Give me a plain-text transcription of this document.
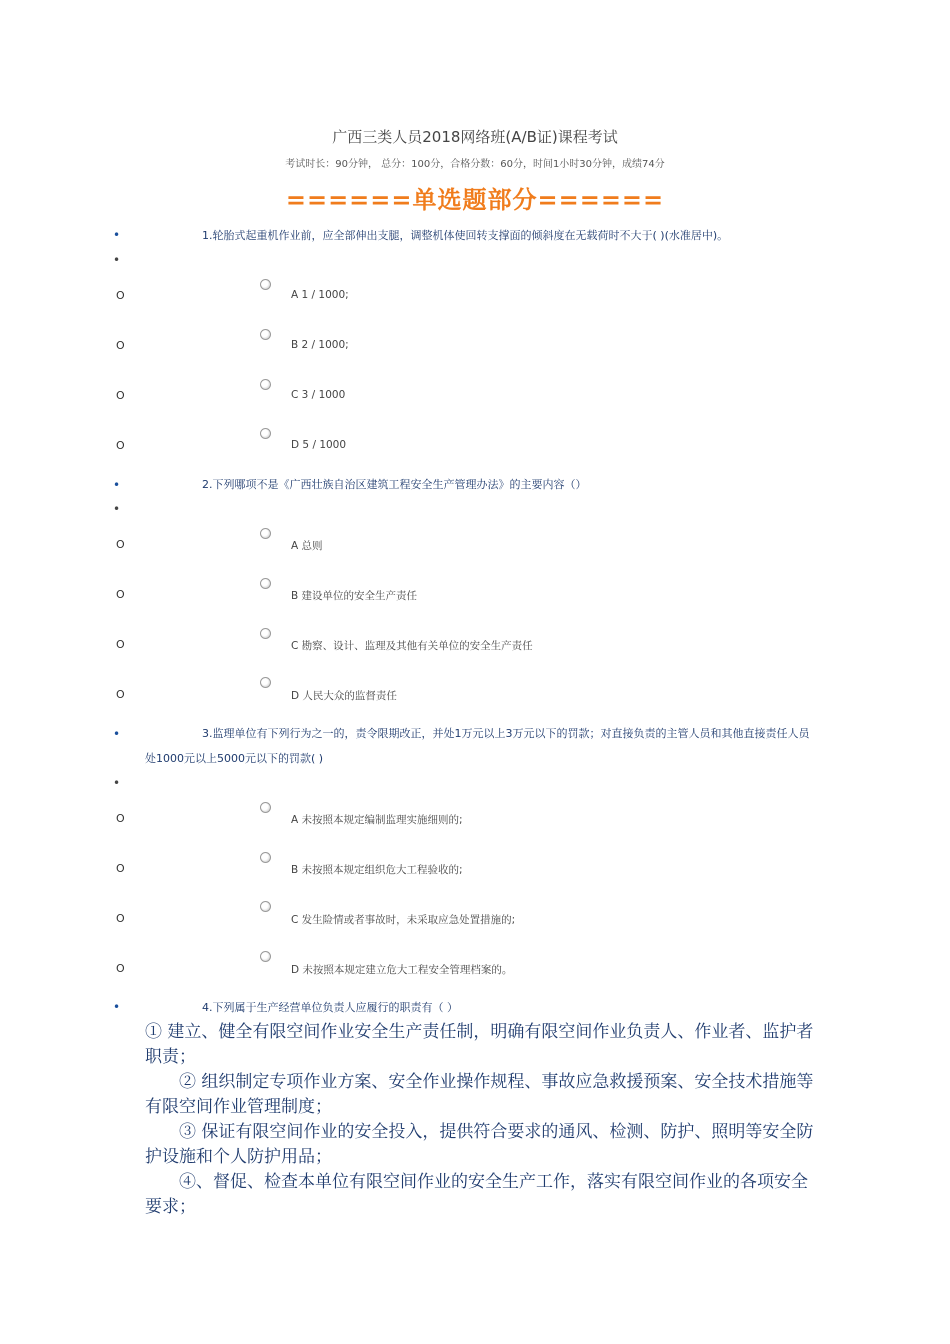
广西三类人员2018网络班(A/B证)课程考试
考试时长：90分钟， 总分：100分，合格分数：60分，时间1小时30分钟，成绩74分
======单选题部分======
•	1.轮胎式起重机作业前，应全部伸出支腿，调整机体使回转支撑面的倾斜度在无载荷时不大于( )(水准居中)。
•
O	A 1 / 1000;
O	B 2 / 1000;
O	C 3 / 1000
O	D 5 / 1000
•	2.下列哪项不是《广西壮族自治区建筑工程安全生产管理办法》的主要内容（）
•
O	A 总则
O	B 建设单位的安全生产责任
O	C 勘察、设计、监理及其他有关单位的安全生产责任
O	D 人民大众的监督责任
•	3.监理单位有下列行为之一的，责令限期改正，并处1万元以上3万元以下的罚款；对直接负责的主管人员和其他直接责任人员处1000元以上5000元以下的罚款( )
•
O	A 未按照本规定编制监理实施细则的;
O	B 未按照本规定组织危大工程验收的;
O	C 发生险情或者事故时，未采取应急处置措施的;
O	D 未按照本规定建立危大工程安全管理档案的。
•	4.下列属于生产经营单位负责人应履行的职责有（ ）
① 建立、健全有限空间作业安全生产责任制，明确有限空间作业负责人、作业者、监护者职责；
② 组织制定专项作业方案、安全作业操作规程、事故应急救援预案、安全技术措施等有限空间作业管理制度；
③ 保证有限空间作业的安全投入，提供符合要求的通风、检测、防护、照明等安全防护设施和个人防护用品；
④、督促、检查本单位有限空间作业的安全生产工作，落实有限空间作业的各项安全要求；
